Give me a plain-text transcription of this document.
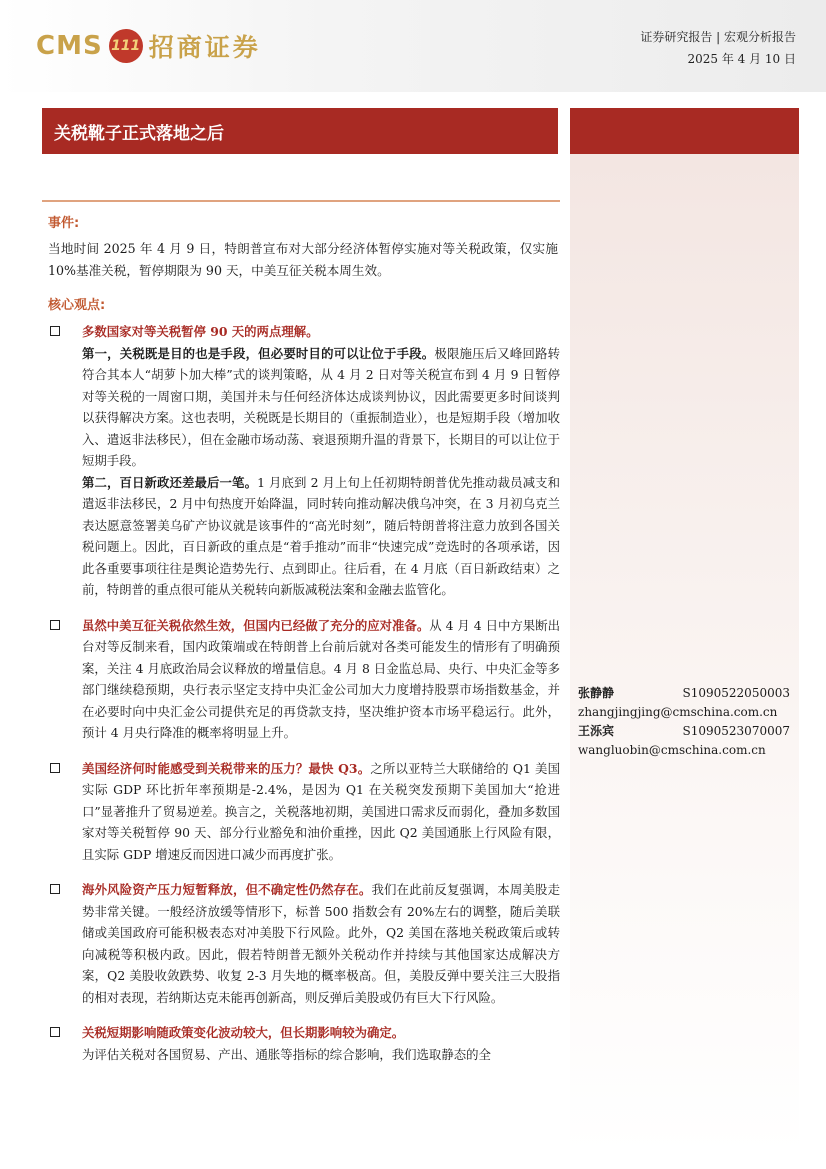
CMS 111 招商证券	证券研究报告 | 宏观分析报告
2025 年 4 月 10 日
关税靴子正式落地之后
事件:
当地时间 2025 年 4 月 9 日，特朗普宣布对大部分经济体暂停实施对等关税政策，仅实施 10%基准关税，暂停期限为 90 天，中美互征关税本周生效。
核心观点:

多数国家对等关税暂停 90 天的两点理解。

第一，关税既是目的也是手段，但必要时目的可以让位于手段。极限施压后又峰回路转符合其本人“胡萝卜加大棒”式的谈判策略，从 4 月 2 日对等关税宣布到 4 月 9 日暂停对等关税的一周窗口期，美国并未与任何经济体达成谈判协议，因此需要更多时间谈判以获得解决方案。这也表明，关税既是长期目的（重振制造业），也是短期手段（增加收入、遣返非法移民），但在金融市场动荡、衰退预期升温的背景下，长期目的可以让位于短期手段。

第二，百日新政还差最后一笔。1 月底到 2 月上旬上任初期特朗普优先推动裁员减支和遣返非法移民，2 月中旬热度开始降温，同时转向推动解决俄乌冲突，在 3 月初乌克兰表达愿意签署美乌矿产协议就是该事件的“高光时刻”，随后特朗普将注意力放到各国关税问题上。因此，百日新政的重点是“着手推动”而非“快速完成”竞选时的各项承诺，因此各重要事项往往是舆论造势先行、点到即止。往后看，在 4 月底（百日新政结束）之前，特朗普的重点很可能从关税转向新版减税法案和金融去监管化。

虽然中美互征关税依然生效，但国内已经做了充分的应对准备。从 4 月 4 日中方果断出台对等反制来看，国内政策端或在特朗普上台前后就对各类可能发生的情形有了明确预案，关注 4 月底政治局会议释放的增量信息。4 月 8 日金监总局、央行、中央汇金等多部门继续稳预期，央行表示坚定支持中央汇金公司加大力度增持股票市场指数基金，并在必要时向中央汇金公司提供充足的再贷款支持，坚决维护资本市场平稳运行。此外，预计 4 月央行降准的概率将明显上升。

美国经济何时能感受到关税带来的压力？最快 Q3。之所以亚特兰大联储给的 Q1 美国实际 GDP 环比折年率预期是-2.4%，是因为 Q1 在关税突发预期下美国加大“抢进口”显著推升了贸易逆差。换言之，关税落地初期，美国进口需求反而弱化，叠加多数国家对等关税暂停 90 天、部分行业豁免和油价重挫，因此 Q2 美国通胀上行风险有限，且实际 GDP 增速反而因进口减少而再度扩张。

海外风险资产压力短暂释放，但不确定性仍然存在。我们在此前反复强调，本周美股走势非常关键。一般经济放缓等情形下，标普 500 指数会有 20%左右的调整，随后美联储或美国政府可能积极表态对冲美股下行风险。此外，Q2 美国在落地关税政策后或转向减税等积极内政。因此，假若特朗普无额外关税动作并持续与其他国家达成解决方案，Q2 美股收敛跌势、收复 2-3 月失地的概率极高。但，美股反弹中要关注三大股指的相对表现，若纳斯达克未能再创新高，则反弹后美股或仍有巨大下行风险。

关税短期影响随政策变化波动较大，但长期影响较为确定。

为评估关税对各国贸易、产出、通胀等指标的综合影响，我们选取静态的全

张静静	S1090522050003
zhangjingjing@cmschina.com.cn
王泺宾	S1090523070007
wangluobin@cmschina.com.cn
